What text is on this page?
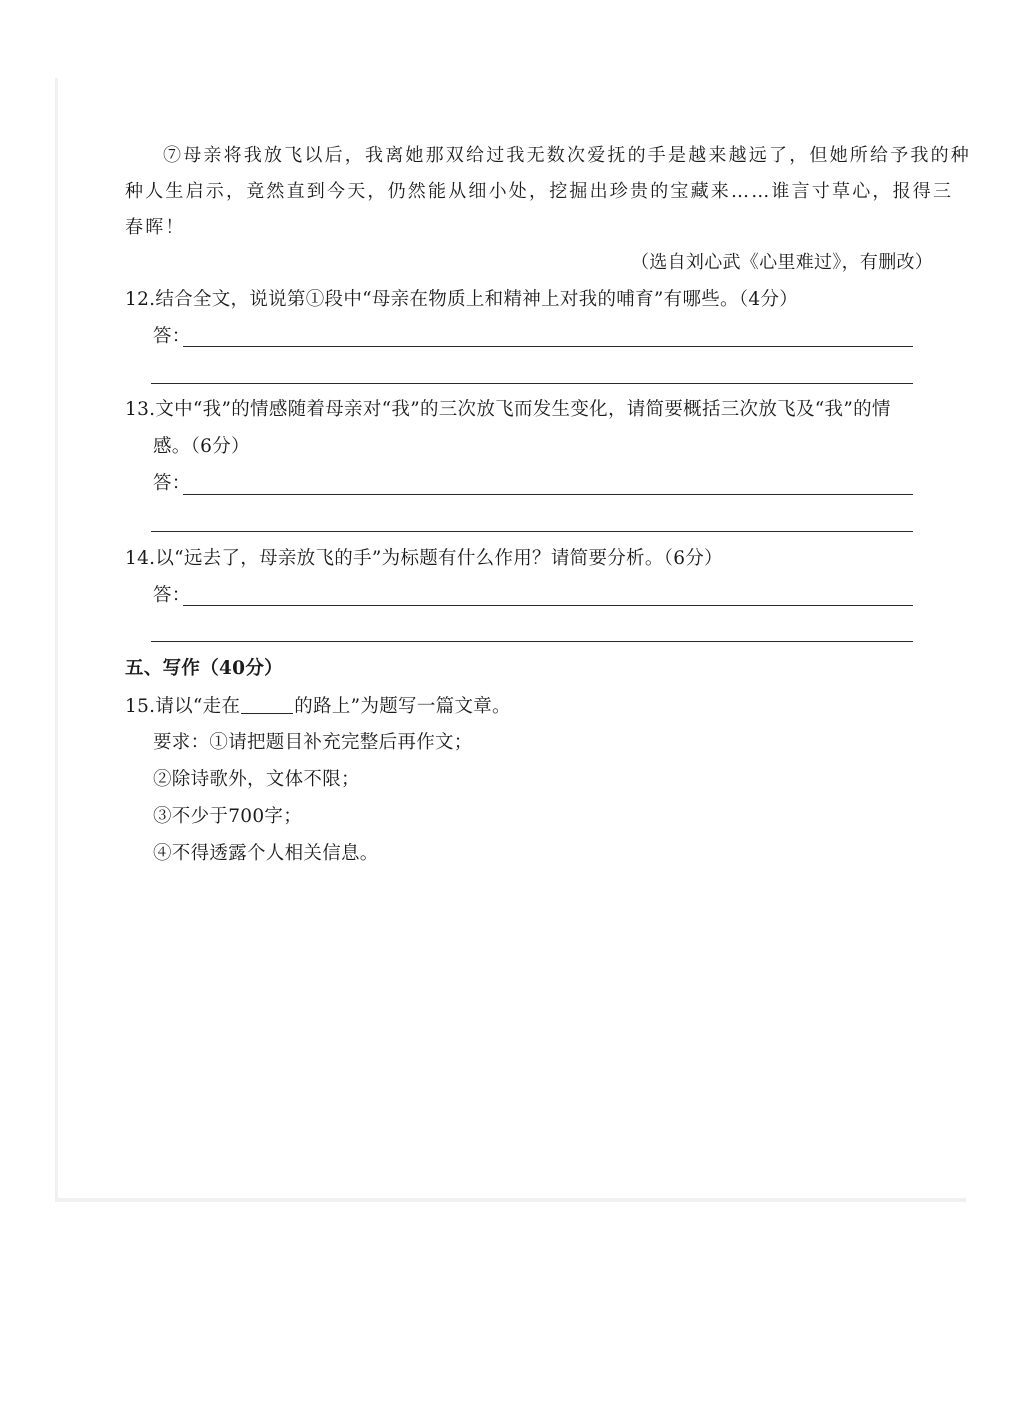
⑦母亲将我放飞以后，我离她那双给过我无数次爱抚的手是越来越远了，但她所给予我的种
种人生启示，竟然直到今天，仍然能从细小处，挖掘出珍贵的宝藏来……谁言寸草心，报得三
春晖！
（选自刘心武《心里难过》，有删改）
12.结合全文，说说第①段中“母亲在物质上和精神上对我的哺育”有哪些。（4分）
答：
13.文中“我”的情感随着母亲对“我”的三次放飞而发生变化，请简要概括三次放飞及“我”的情
感。（6分）
答：
14.以“远去了，母亲放飞的手”为标题有什么作用？请简要分析。（6分）
答：
五、写作（40分）
15.请以“走在	的路上”为题写一篇文章。
要求：①请把题目补充完整后再作文；
②除诗歌外，文体不限；
③不少于700字；
④不得透露个人相关信息。
